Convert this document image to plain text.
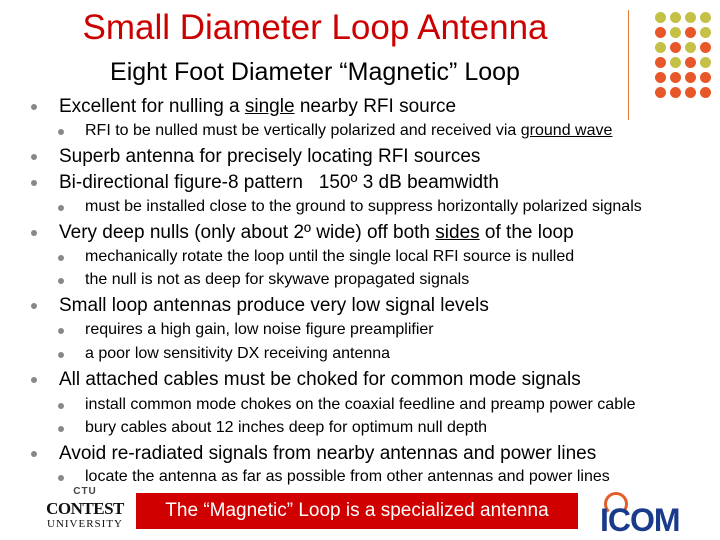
Small Diameter Loop Antenna
Eight Foot Diameter “Magnetic” Loop
Excellent for nulling a single nearby RFI source
RFI to be nulled must be vertically polarized and received via ground wave
Superb antenna for precisely locating RFI sources
Bi-directional figure-8 pattern   150º 3 dB beamwidth
must be installed close to the ground to suppress horizontally polarized signals
Very deep nulls (only about 2º wide) off both sides of the loop
mechanically rotate the loop until the single local RFI source is nulled
the null is not as deep for skywave propagated signals
Small loop antennas produce very low signal levels
requires a high gain, low noise figure preamplifier
a poor low sensitivity DX receiving antenna
All attached cables must be choked for common mode signals
install common mode chokes on the coaxial feedline and preamp power cable
bury cables about 12 inches deep for optimum null depth
Avoid re-radiated signals from nearby antennas and power lines
locate the antenna as far as possible from other antennas and power lines
CTU
CONTEST
UNIVERSITY
The “Magnetic” Loop is a specialized antenna	ICOM
